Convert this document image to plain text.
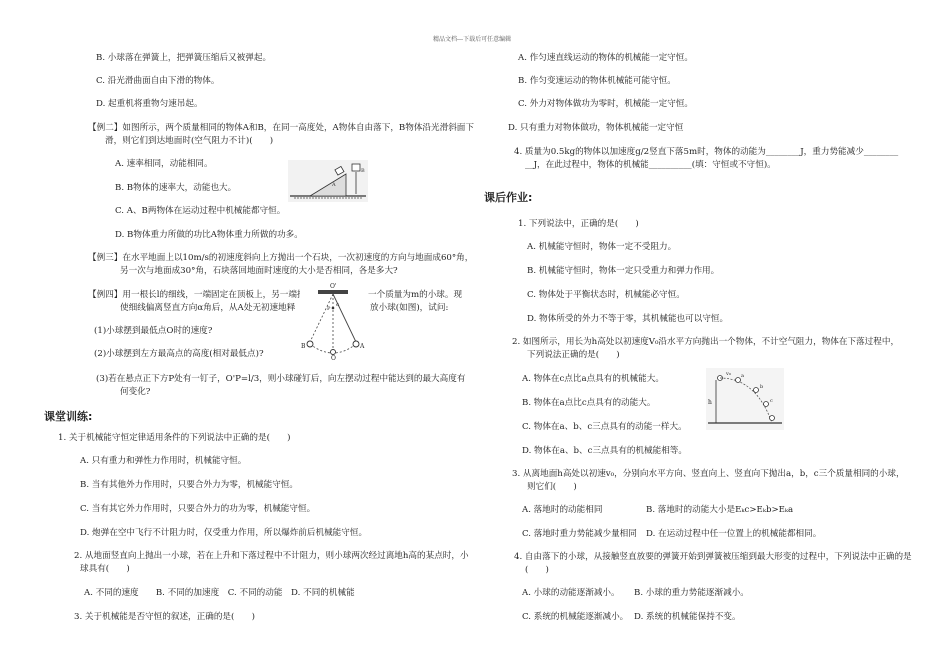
精品文档---下载后可任意编辑
B. 小球落在弹簧上，把弹簧压缩后又被弹起。
C. 沿光滑曲面自由下滑的物体。
D. 起重机将重物匀速吊起。
【例二】如图所示，两个质量相同的物体A和B，在同一高度处，A物体自由落下，B物体沿光滑斜面下
滑，则它们到达地面时(空气阻力不计)(　　)
A. 速率相同，动能相同。
B. B物体的速率大，动能也大。
C. A、B两物体在运动过程中机械能都守恒。
D. B物体重力所做的功比A物体重力所做的功多。
【例三】在水平地面上以10m/s的初速度斜向上方抛出一个石块，一次初速度的方向与地面成60°角，
另一次与地面成30°角，石块落回地面时速度的大小是否相同，各是多大?
【例四】用一根长l的细线，一端固定在顶板上，另一端拴	一个质量为m的小球。现
使细线偏离竖直方向α角后，从A处无初速地释	放小球(如图)，试问:
(1)小球摆到最低点O时的速度?
(2)小球摆到左方最高点的高度(相对最低点)?
(3)若在悬点正下方P处有一钉子，O'P=l/3，则小球碰钉后，向左摆动过程中能达到的最大高度有
何变化?
A
B
O'
P
α
B	A
O
课堂训练:
1. 关于机械能守恒定律适用条件的下列说法中正确的是(　　)
A. 只有重力和弹性力作用时，机械能守恒。
B. 当有其他外力作用时，只要合外力为零，机械能守恒。
C. 当有其它外力作用时，只要合外力的功为零，机械能守恒。
D. 炮弹在空中飞行不计阻力时，仅受重力作用，所以爆炸前后机械能守恒。
2. 从地面竖直向上抛出一小球，若在上升和下落过程中不计阻力，则小球两次经过离地h高的某点时，小
球具有(　　)
A. 不同的速度　　B. 不同的加速度　C. 不同的动能　D. 不同的机械能
3. 关于机械能是否守恒的叙述，正确的是(　　)
A. 作匀速直线运动的物体的机械能一定守恒。
B. 作匀变速运动的物体机械能可能守恒。
C. 外力对物体做功为零时，机械能一定守恒。
D. 只有重力对物体做功，物体机械能一定守恒
4. 质量为0.5kg的物体以加速度g/2竖直下落5m时，物体的动能为________J，重力势能减少________
__J，在此过程中，物体的机械能__________(填：守恒或不守恒)。
课后作业:
1. 下列说法中，正确的是(　　)
A. 机械能守恒时，物体一定不受阻力。
B. 机械能守恒时，物体一定只受重力和弹力作用。
C. 物体处于平衡状态时，机械能必守恒。
D. 物体所受的外力不等于零，其机械能也可以守恒。
2. 如图所示，用长为h高处以初速度V₀沿水平方向抛出一个物体，不计空气阻力，物体在下落过程中，
下列说法正确的是(　　)
A. 物体在c点比a点具有的机械能大。
B. 物体在a点比c点具有的动能大。
C. 物体在a、b、c三点具有的动能一样大。
D. 物体在a、b、c三点具有的机械能相等。
3. 从离地面h高处以初速v₀，分别向水平方向、竖直向上、竖直向下抛出a，b，c三个质量相同的小球，
则它们(　　)
A. 落地时的动能相同	B. 落地时的动能大小是Eₖc>Eₖb>Eₖa
C. 落地时重力势能减少量相同 D. 在运动过程中任一位置上的机械能都相同。
4. 自由落下的小球，从接触竖直放要的弹簧开始到弹簧被压缩到最大形变的过程中，下列说法中正确的是
(　　)
A. 小球的动能逐渐减小。 B. 小球的重力势能逐渐减小。
C. 系统的机械能逐渐减小。 D. 系统的机械能保持不变。
h
v₀ a
b
c
